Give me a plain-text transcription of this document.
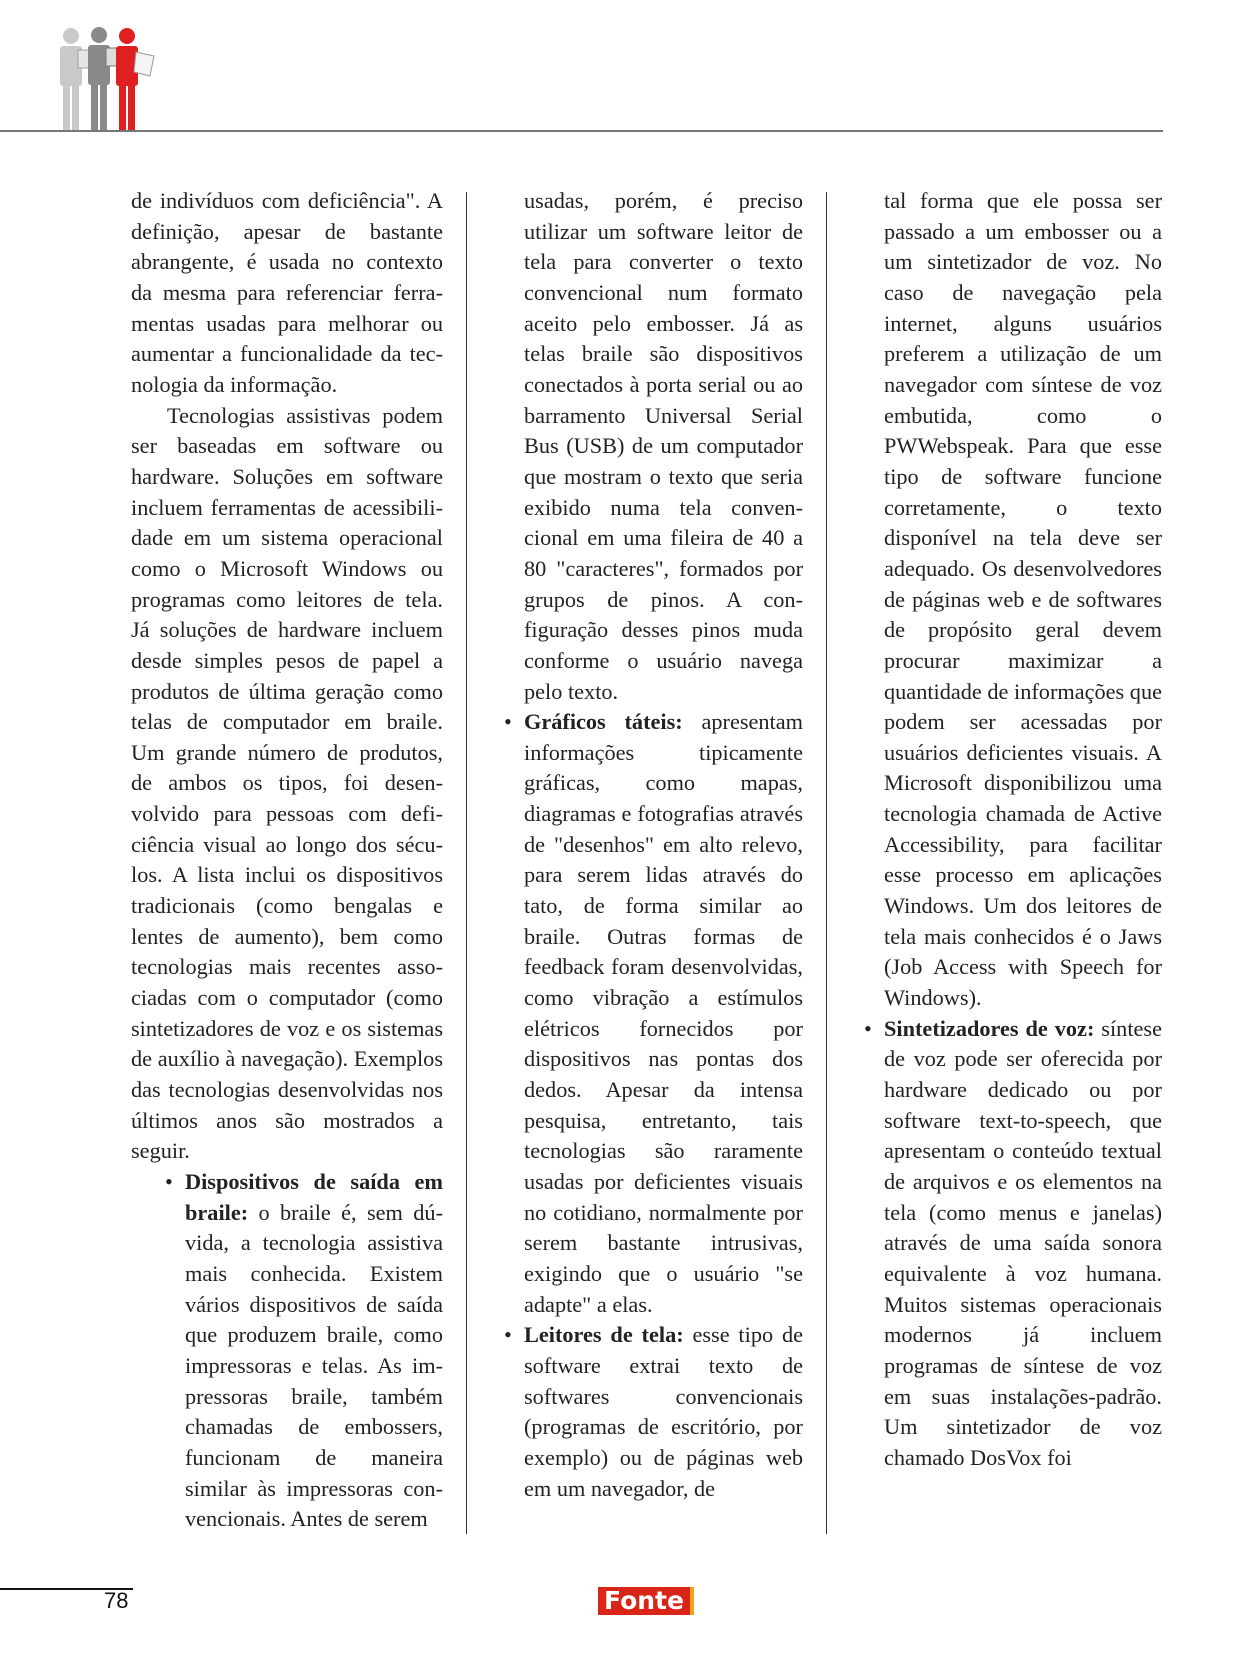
de indivíduos com deficiência". A definição, apesar de bastante abrangente, é usada no contexto da mesma para referenciar ferramentas usadas para melhorar ou aumentar a funcionalidade da tecnologia da informação.

Tecnologias assistivas podem ser baseadas em software ou hardware. Soluções em software incluem ferramentas de acessibilidade em um sistema operacional como o Microsoft Windows ou programas como leitores de tela. Já soluções de hardware incluem desde simples pesos de papel a produtos de última geração como telas de computador em braile. Um grande número de produtos, de ambos os tipos, foi desenvolvido para pessoas com deficiência visual ao longo dos séculos. A lista inclui os dispositivos tradicionais (como bengalas e lentes de aumento), bem como tecnologias mais recentes associadas com o computador (como sintetizadores de voz e os sistemas de auxílio à navegação). Exemplos das tecnologias desenvolvidas nos últimos anos são mostrados a seguir.

• Dispositivos de saída em braile: o braile é, sem dúvida, a tecnologia assistiva mais conhecida. Existem vários dispositivos de saída que produzem braile, como impressoras e telas. As impressoras braile, também chamadas de embossers, funcionam de maneira similar às impressoras convencionais. Antes de serem

usadas, porém, é preciso utilizar um software leitor de tela para converter o texto convencional num formato aceito pelo embosser. Já as telas braile são dispositivos conectados à porta serial ou ao barramento Universal Serial Bus (USB) de um computador que mostram o texto que seria exibido numa tela convencional em uma fileira de 40 a 80 "caracteres", formados por grupos de pinos. A configuração desses pinos muda conforme o usuário navega pelo texto.

• Gráficos táteis: apresentam informações tipicamente gráficas, como mapas, diagramas e fotografias através de "desenhos" em alto relevo, para serem lidas através do tato, de forma similar ao braile. Outras formas de feedback foram desenvolvidas, como vibração a estímulos elétricos fornecidos por dispositivos nas pontas dos dedos. Apesar da intensa pesquisa, entretanto, tais tecnologias são raramente usadas por deficientes visuais no cotidiano, normalmente por serem bastante intrusivas, exigindo que o usuário "se adapte" a elas.

• Leitores de tela: esse tipo de software extrai texto de softwares convencionais (programas de escritório, por exemplo) ou de páginas web em um navegador, de

tal forma que ele possa ser passado a um embosser ou a um sintetizador de voz. No caso de navegação pela internet, alguns usuários preferem a utilização de um navegador com síntese de voz embutida, como o PWWebspeak. Para que esse tipo de software funcione corretamente, o texto disponível na tela deve ser adequado. Os desenvolvedores de páginas web e de softwares de propósito geral devem procurar maximizar a quantidade de informações que podem ser acessadas por usuários deficientes visuais. A Microsoft disponibilizou uma tecnologia chamada de Active Accessibility, para facilitar esse processo em aplicações Windows. Um dos leitores de tela mais conhecidos é o Jaws (Job Access with Speech for Windows).

• Sintetizadores de voz: síntese de voz pode ser oferecida por hardware dedicado ou por software text-to-speech, que apresentam o conteúdo textual de arquivos e os elementos na tela (como menus e janelas) através de uma saída sonora equivalente à voz humana. Muitos sistemas operacionais modernos já incluem programas de síntese de voz em suas instalações-padrão. Um sintetizador de voz chamado DosVox foi

78	Fonte
